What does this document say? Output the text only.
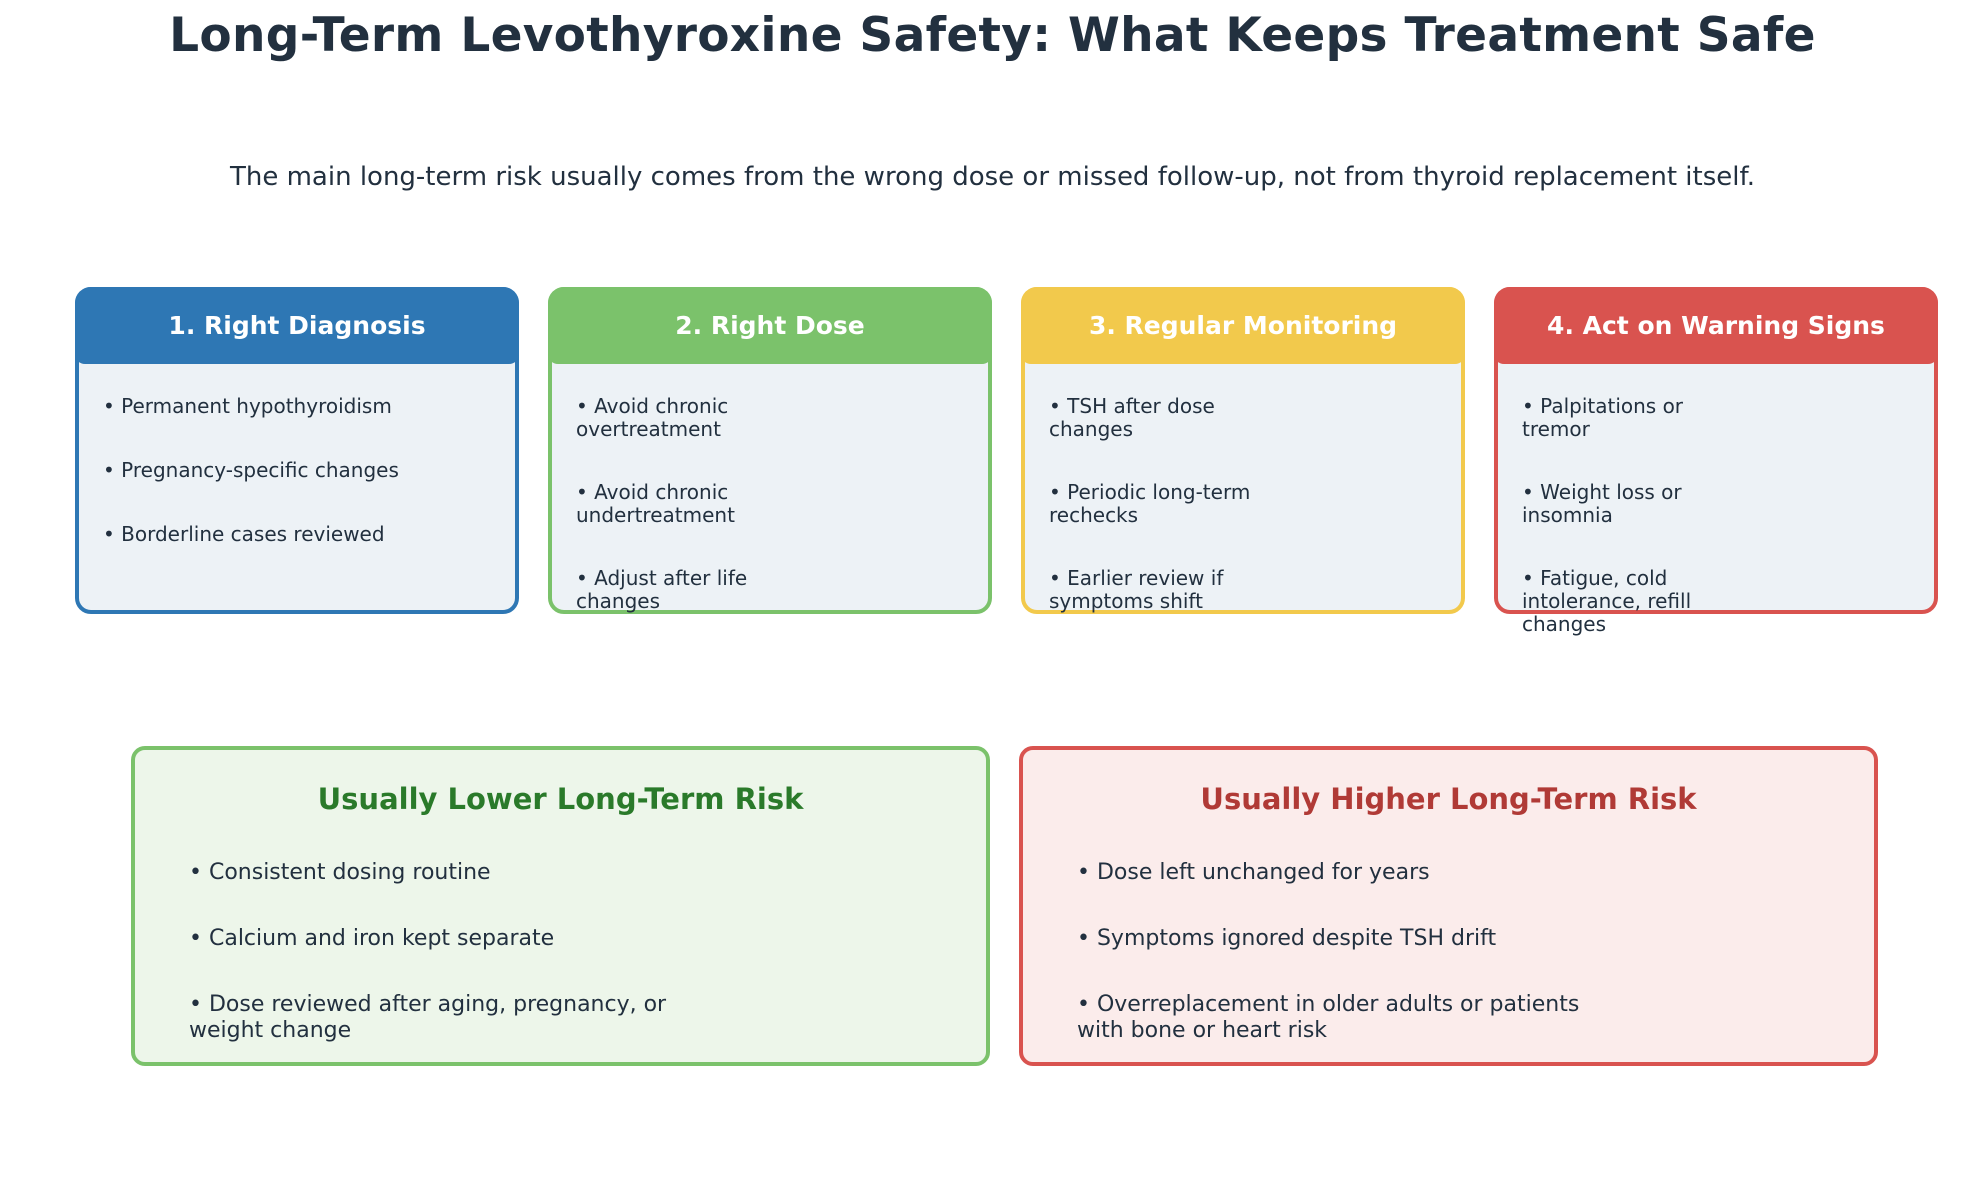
Long-Term Levothyroxine Safety: What Keeps Treatment Safe

The main long-term risk usually comes from the wrong dose or missed follow-up, not from thyroid replacement itself.

1. Right Diagnosis
• Permanent hypothyroidism
• Pregnancy-specific changes
• Borderline cases reviewed
2. Right Dose
• Avoid chronic overtreatment
• Avoid chronic undertreatment
• Adjust after life changes
3. Regular Monitoring
• TSH after dose changes
• Periodic long-term rechecks
• Earlier review if symptoms shift
4. Act on Warning Signs
• Palpitations or tremor
• Weight loss or insomnia
• Fatigue, cold intolerance, refill changes
Usually Lower Long-Term Risk
• Consistent dosing routine
• Calcium and iron kept separate
• Dose reviewed after aging, pregnancy, or weight change
Usually Higher Long-Term Risk
• Dose left unchanged for years
• Symptoms ignored despite TSH drift
• Overreplacement in older adults or patients with bone or heart risk
